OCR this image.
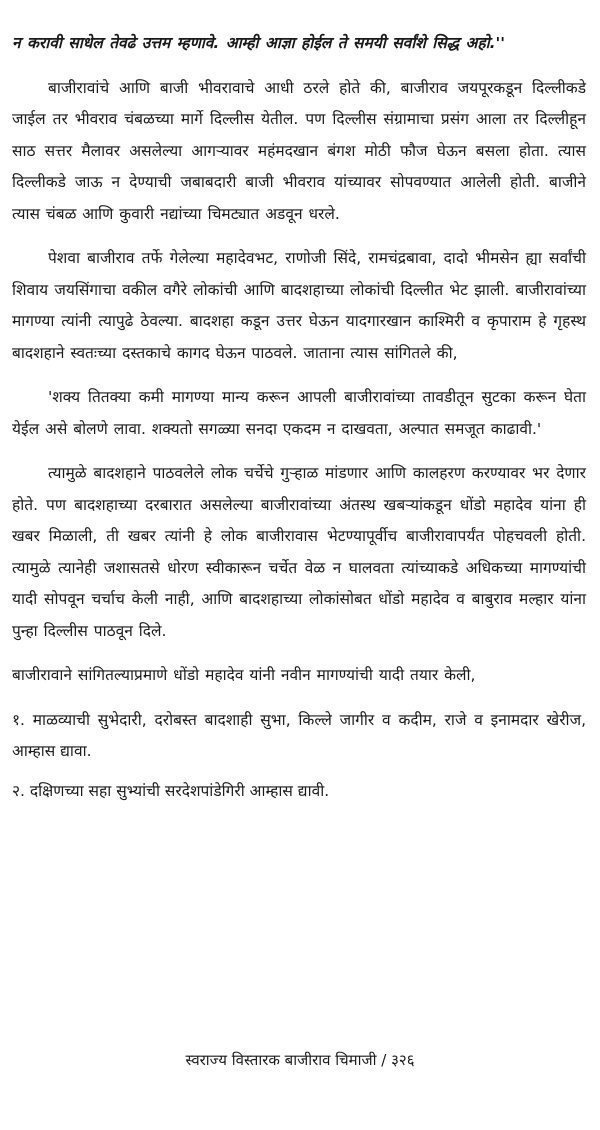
न करावी साधेल तेवढे उत्तम म्हणावे. आम्ही आज्ञा होईल ते समयी सर्वांशे सिद्ध अहो.''

बाजीरावांचे आणि बाजी भीवरावाचे आधी ठरले होते की, बाजीराव जयपूरकडून दिल्लीकडे जाईल तर भीवराव चंबळच्या मार्गे दिल्लीस येतील. पण दिल्लीस संग्रामाचा प्रसंग आला तर दिल्लीहून साठ सत्तर मैलावर असलेल्या आगऱ्यावर महंमदखान बंगश मोठी फौज घेऊन बसला होता. त्यास दिल्लीकडे जाऊ न देण्याची जबाबदारी बाजी भीवराव यांच्यावर सोपवण्यात आलेली होती. बाजीने त्यास चंबळ आणि कुवारी नद्यांच्या चिमट्यात अडवून धरले.

पेशवा बाजीराव तर्फे गेलेल्या महादेवभट, राणोजी सिंदे, रामचंद्रबावा, दादो भीमसेन ह्या सर्वांची शिवाय जयसिंगाचा वकील वगैरे लोकांची आणि बादशहाच्या लोकांची दिल्लीत भेट झाली. बाजीरावांच्या मागण्या त्यांनी त्यापुढे ठेवल्या. बादशहा कडून उत्तर घेऊन यादगारखान काश्मिरी व कृपाराम हे गृहस्थ बादशहाने स्वतःच्या दस्तकाचे कागद घेऊन पाठवले. जाताना त्यास सांगितले की,

'शक्य तितक्या कमी मागण्या मान्य करून आपली बाजीरावांच्या तावडीतून सुटका करून घेता येईल असे बोलणे लावा. शक्यतो सगळ्या सनदा एकदम न दाखवता, अल्पात समजूत काढावी.'

त्यामुळे बादशहाने पाठवलेले लोक चर्चेचे गुऱ्हाळ मांडणार आणि कालहरण करण्यावर भर देणार होते. पण बादशहाच्या दरबारात असलेल्या बाजीरावांच्या अंतस्थ खबऱ्यांकडून धोंडो महादेव यांना ही खबर मिळाली, ती खबर त्यांनी हे लोक बाजीरावास भेटण्यापूर्वीच बाजीरावापर्यंत पोहचवली होती. त्यामुळे त्यानेही जशासतसे धोरण स्वीकारून चर्चेत वेळ न घालवता त्यांच्याकडे अधिकच्या मागण्यांची यादी सोपवून चर्चाच केली नाही, आणि बादशहाच्या लोकांसोबत धोंडो महादेव व बाबुराव मल्हार यांना पुन्हा दिल्लीस पाठवून दिले.

बाजीरावाने सांगितल्याप्रमाणे धोंडो महादेव यांनी नवीन मागण्यांची यादी तयार केली,

१. माळव्याची सुभेदारी, दरोबस्त बादशाही सुभा, किल्ले जागीर व कदीम, राजे व इनामदार खेरीज, आम्हास द्यावा.

२. दक्षिणच्या सहा सुभ्यांची सरदेशपांडेगिरी आम्हास द्यावी.

स्वराज्य विस्तारक बाजीराव चिमाजी / ३२६
